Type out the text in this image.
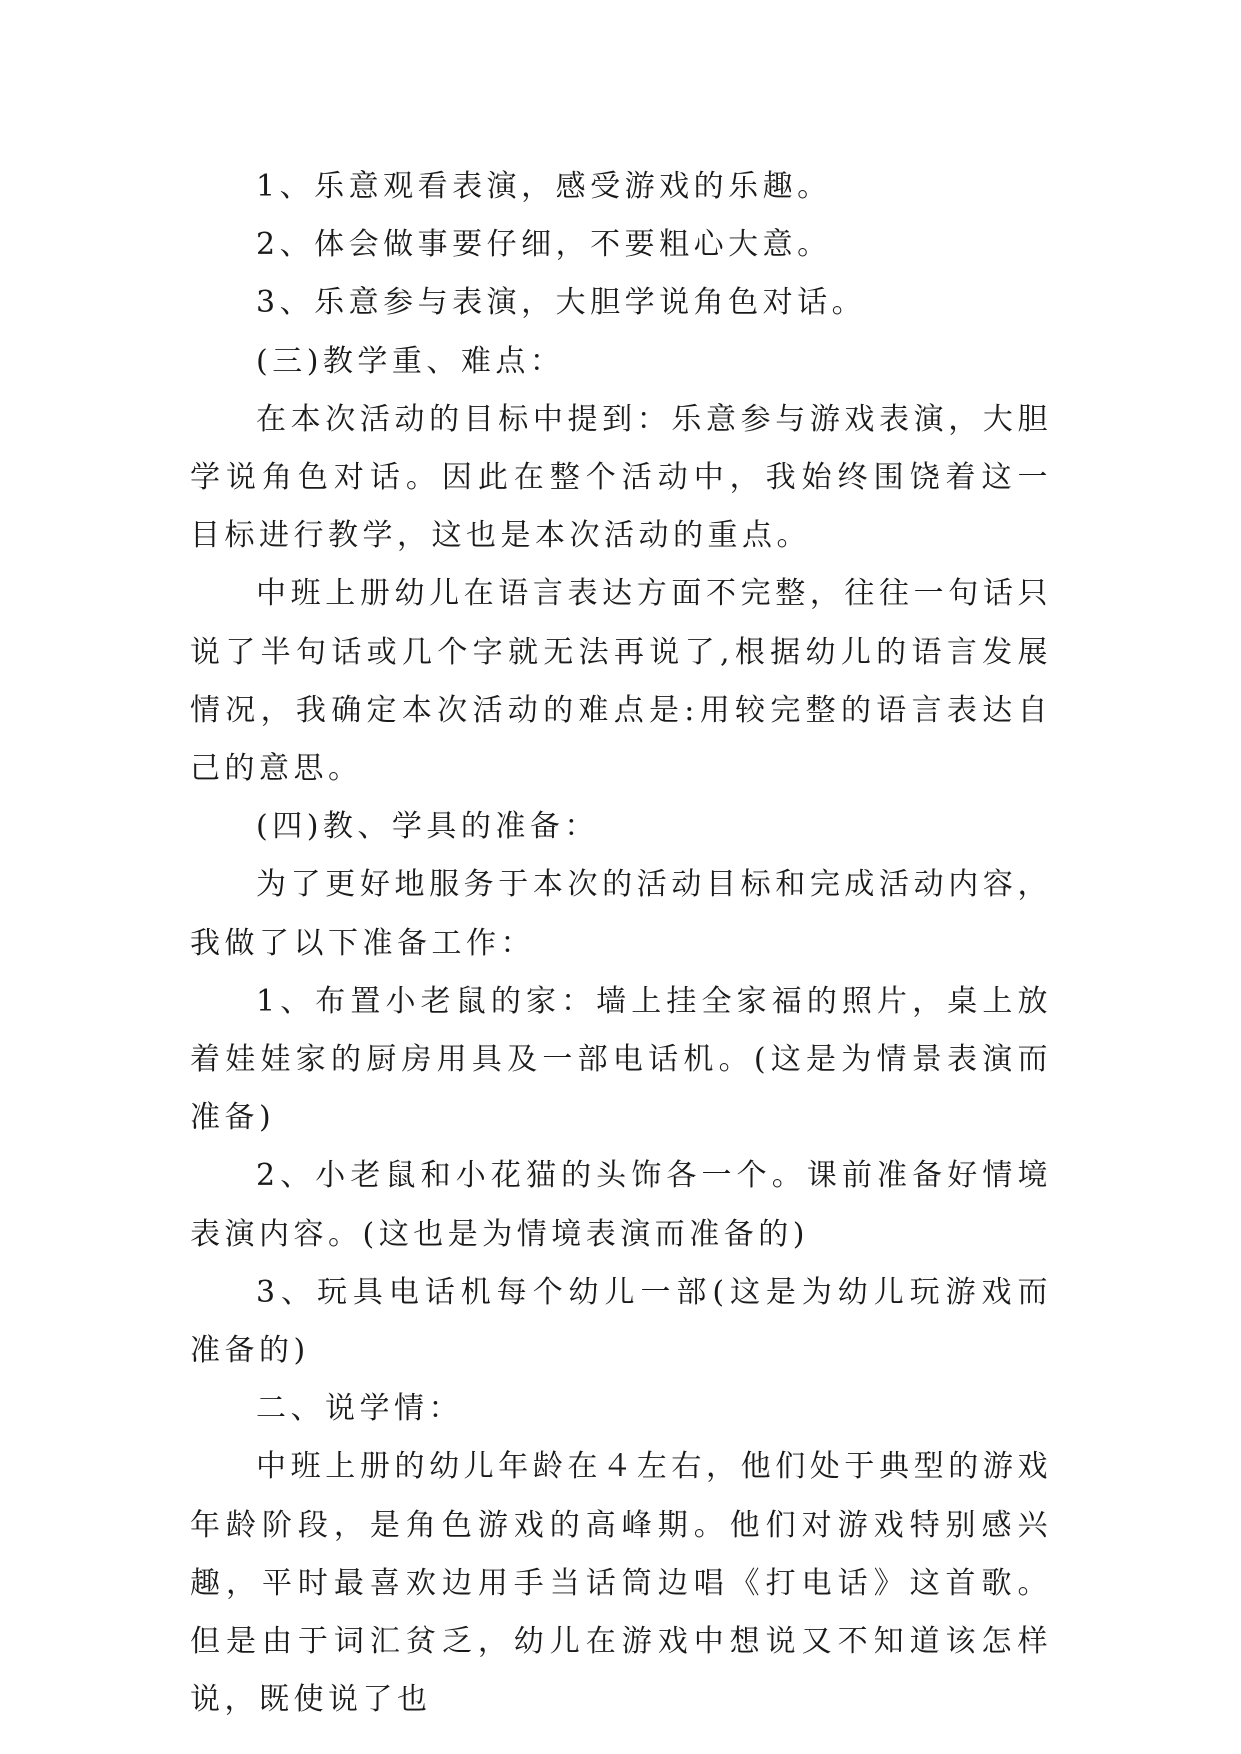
1、乐意观看表演，感受游戏的乐趣。

2、体会做事要仔细，不要粗心大意。

3、乐意参与表演，大胆学说角色对话。

(三)教学重、难点：

在本次活动的目标中提到：乐意参与游戏表演，大胆学说角色对话。因此在整个活动中，我始终围饶着这一目标进行教学，这也是本次活动的重点。

中班上册幼儿在语言表达方面不完整，往往一句话只说了半句话或几个字就无法再说了,根据幼儿的语言发展情况，我确定本次活动的难点是:用较完整的语言表达自己的意思。

(四)教、学具的准备：

为了更好地服务于本次的活动目标和完成活动内容，我做了以下准备工作：

1、布置小老鼠的家：墙上挂全家福的照片，桌上放着娃娃家的厨房用具及一部电话机。(这是为情景表演而准备)

2、小老鼠和小花猫的头饰各一个。课前准备好情境表演内容。(这也是为情境表演而准备的)

3、玩具电话机每个幼儿一部(这是为幼儿玩游戏而准备的)

二、说学情：

中班上册的幼儿年龄在４左右，他们处于典型的游戏年龄阶段，是角色游戏的高峰期。他们对游戏特别感兴趣，平时最喜欢边用手当话筒边唱《打电话》这首歌。但是由于词汇贫乏，幼儿在游戏中想说又不知道该怎样说，既使说了也
